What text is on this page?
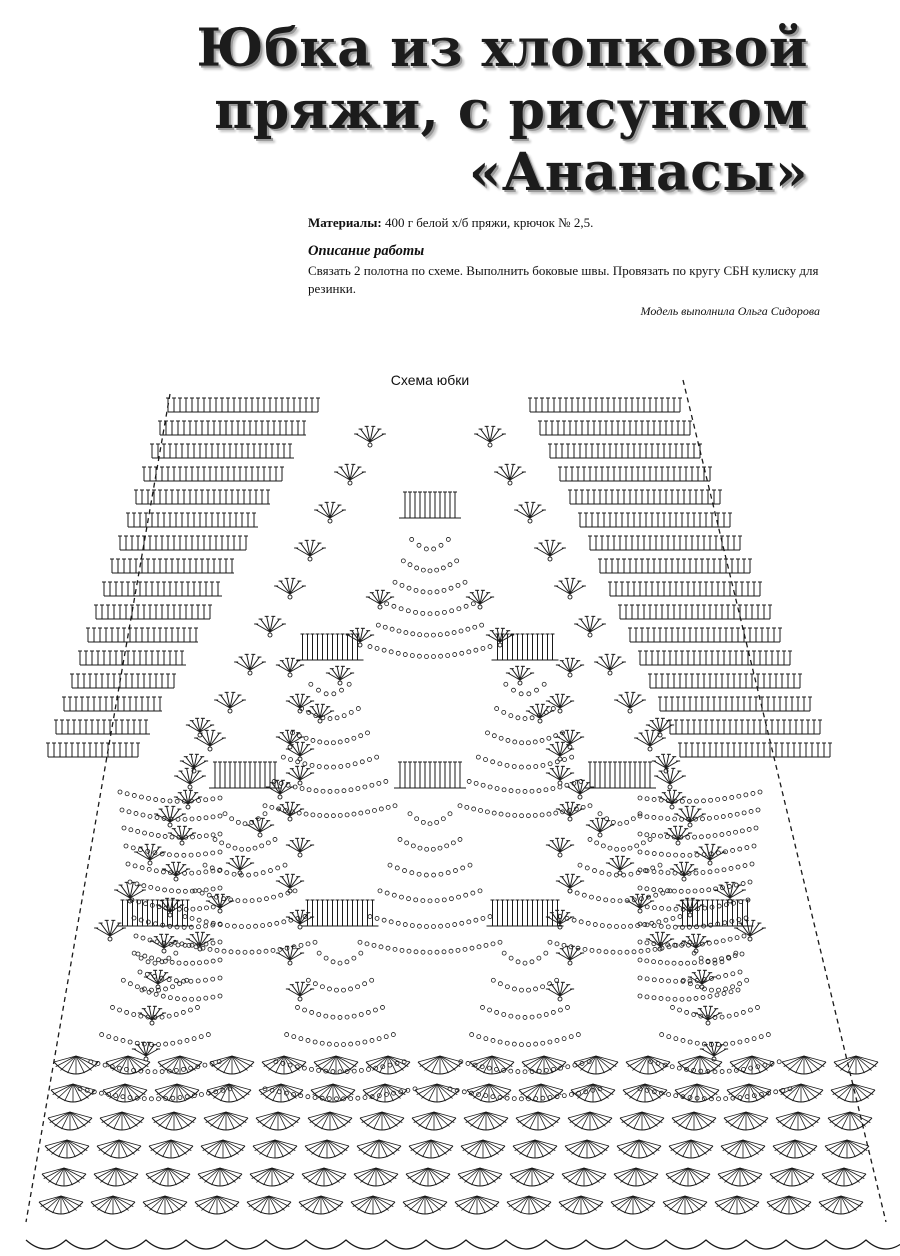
Юбка из хлопковой
пряжи, с рисунком
«Ананасы»
Материалы: 400 г белой х/б пряжи, крючок № 2,5.
Описание работы
Связать 2 полотна по схеме. Выполнить боковые швы. Провязать по кругу СБН кулиску для резинки.
Модель выполнила Ольга Сидорова
Схема юбки
